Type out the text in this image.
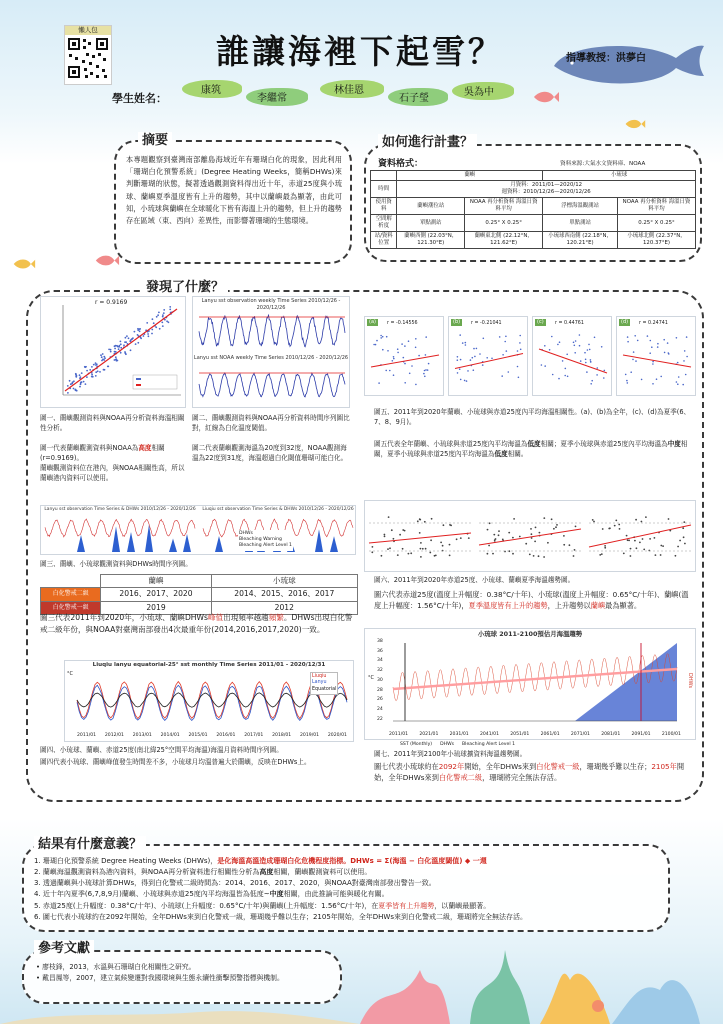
懶人包
誰讓海裡下起雪？	指導教授：洪夢白
學生姓名：
康筑
李繼常
林佳恩
石子瑩
吳為中
摘要
本專題觀察到臺灣南部離島海域近年有珊瑚白化的現象，因此利用「珊瑚白化預警系統」(Degree Heating Weeks，簡稱DHWs)來判斷珊瑚的狀態，擬著透過觀測資料得出近十年，赤道25度與小琉球、蘭嶼夏季溫度皆有上升的趨勢，其中以蘭嶼最為顯著，由此可知，小琉球與蘭嶼在全球暖化下皆有海溫上升的趨勢，但上升的趨勢存在區域（東、西向）差異性，而影響著珊瑚的生態環境。
如何進行計畫？
資料格式：	資料來源:大氣水文資料庫、NOAA
	蘭嶼		小琉球	
時間	月資料：2011/01—2020/12
週資料：2010/12/26—2020/12/26			

使用資料	蘭嶼潮位站	NOAA 再分析資料 海溫日資料平均	浮標海溫觀測站	NOAA 再分析資料 海溫日資料平均
空間解析度	單點測站	0.25° X 0.25°	單點測站	0.25° X 0.25°
站/資料位置	蘭嶼西側 (22.03°N，121.30°E)	蘭嶼東北側 (22.12°N，121.62°E)	小琉球西南側 (22.18°N，120.21°E)	小琉球北側 (22.37°N，120.37°E)
發現了什麼？
r = 0.9169
圖一、蘭嶼觀測資料與NOAA再分析資料海溫相關性分析。
圖一代表蘭嶼觀測資料與NOAA為高度相關(r=0.9169)。
蘭嶼觀測資料位在港內，與NOAA相關性高，所以蘭嶼港內資料可以使用。
Lanyu sst observation weekly Time Series 2010/12/26 - 2020/12/26
Lanyu sst NOAA weekly Time Series 2010/12/26 - 2020/12/26
圖二、蘭嶼觀測資料與NOAA再分析資料時間序列圖比對，紅線為白化溫度閾值。
圖二代表蘭嶼觀測海溫為20度到32度，NOAA觀測海溫為22度到31度，海溫超過白化閾值珊瑚可能白化。
(a)	r = -0.14556	(b)	r = -0.21041	(c)	r = 0.44761	(d)	r = 0.24741
圖五、2011年到2020年蘭嶼、小琉球與赤道25度內平均海溫相關性。(a)、(b)為全年，(c)、(d)為夏季(6、7、8、9月)。
圖五代表全年蘭嶼、小琉球與赤道25度內平均海溫為低度相關；夏季小琉球與赤道25度內平均海溫為中度相關，夏季小琉球與赤道25度內平均海溫為低度相關。
Lanyu sst observation Time Series & DHWs 2010/12/26 - 2020/12/26	Liuqiu sst observation Time Series & DHWs 2010/12/26 - 2020/12/26
DHWs
Bleaching Warning
Bleaching Alert Level 1
圖三、蘭嶼、小琉球觀測資料與DHWs時間序列圖。
	蘭嶼	小琉球
白化警戒二級	2016、2017、2020	2014、2015、2016、2017
白化警戒一級	2019	2012
圖三代表2011年到2020年，小琉球、蘭嶼DHWs峰值出現頻率越趨頻繁。DHWs出現白化警戒二級年份，與NOAA對臺灣南部發出4次最重年份(2014,2016,2017,2020)一致。
Liuqiu lanyu equatorial-25° sst monthly Time Series 2011/01 - 2020/12/31
°C
2011/01 2012/01 2013/01 2014/01 2015/01 2016/01 2017/01 2018/01 2019/01 2020/01
Liuqiu
Lanyu
Equatorial
圖四、小琉球、蘭嶼、赤道25度(南北緯25°空間平均海溫)海溫月資料時間序列圖。
圖四代表小琉球、蘭嶼峰值發生時間差不多，小琉球月均溫普遍大於蘭嶼，反映在DHWs上。
圖六、2011年到2020年赤道25度、小琉球、蘭嶼夏季海溫趨勢圖。
圖六代表赤道25度(溫度上升幅度：0.38°C/十年)、小琉球(溫度上升幅度：0.65°C/十年)、蘭嶼(溫度上升幅度：1.56°C/十年)，夏季溫度皆有上升的趨勢，上升趨勢以蘭嶼最為顯著。
小琉球 2011-2100預估月海溫趨勢
°C	DHWs
38
36
34
32
30
28
26
24
22
2011/01 2021/01 2031/01 2041/01 2051/01 2061/01 2071/01 2081/01 2091/01 2100/01
SST (Monthly) DHWs Bleaching Alert Level 1
圖七、2011年到2100年小琉球擴資料海溫趨勢圖。
圖七代表小琉球約在2092年開始，全年DHWs來到白化警戒一級，珊瑚幾乎難以生存；2105年開始，全年DHWs來到白化警戒二級，珊瑚將完全無法存活。
結果有什麼意義？
1. 珊瑚白化預警系統 Degree Heating Weeks (DHWs)，是化海溫高溫造成珊瑚白化危機程度指標。DHWs = Σ(海溫 − 白化溫度閾值) ◆ 一週
2. 蘭嶼海溫觀測資料為港內資料，與NOAA再分析資料進行相關性分析為高度相關，蘭嶼觀測資料可以使用。
3. 透過蘭嶼與小琉球計算DHWs，得到白化警戒二級時間為：2014、2016、2017、2020，與NOAA對臺灣南部發出警告一致。
4. 近十年內夏季(6,7,8,9月)蘭嶼、小琉球與赤道25度內平均海溫皆為低度~中度相關，由此推論可能與暖化有關。
5. 赤道25度(上升幅度：0.38°C/十年)、小琉球(上升幅度：0.65°C/十年)與蘭嶼(上升幅度：1.56°C/十年)，在夏季皆有上升趨勢，以蘭嶼最顯著。
6. 圖七代表小琉球約在2092年開始，全年DHWs來到白化警戒一級，珊瑚幾乎難以生存；2105年開始，全年DHWs來到白化警戒二級，珊瑚將完全無法存活。
參考文獻
• 廖枝鋒，2013，水溫與石珊瑚白化相關性之研究。
• 戴昌鳳等，2007，建立氣候變遷對我國環境與生態永續性衝擊預警指標與機制。
